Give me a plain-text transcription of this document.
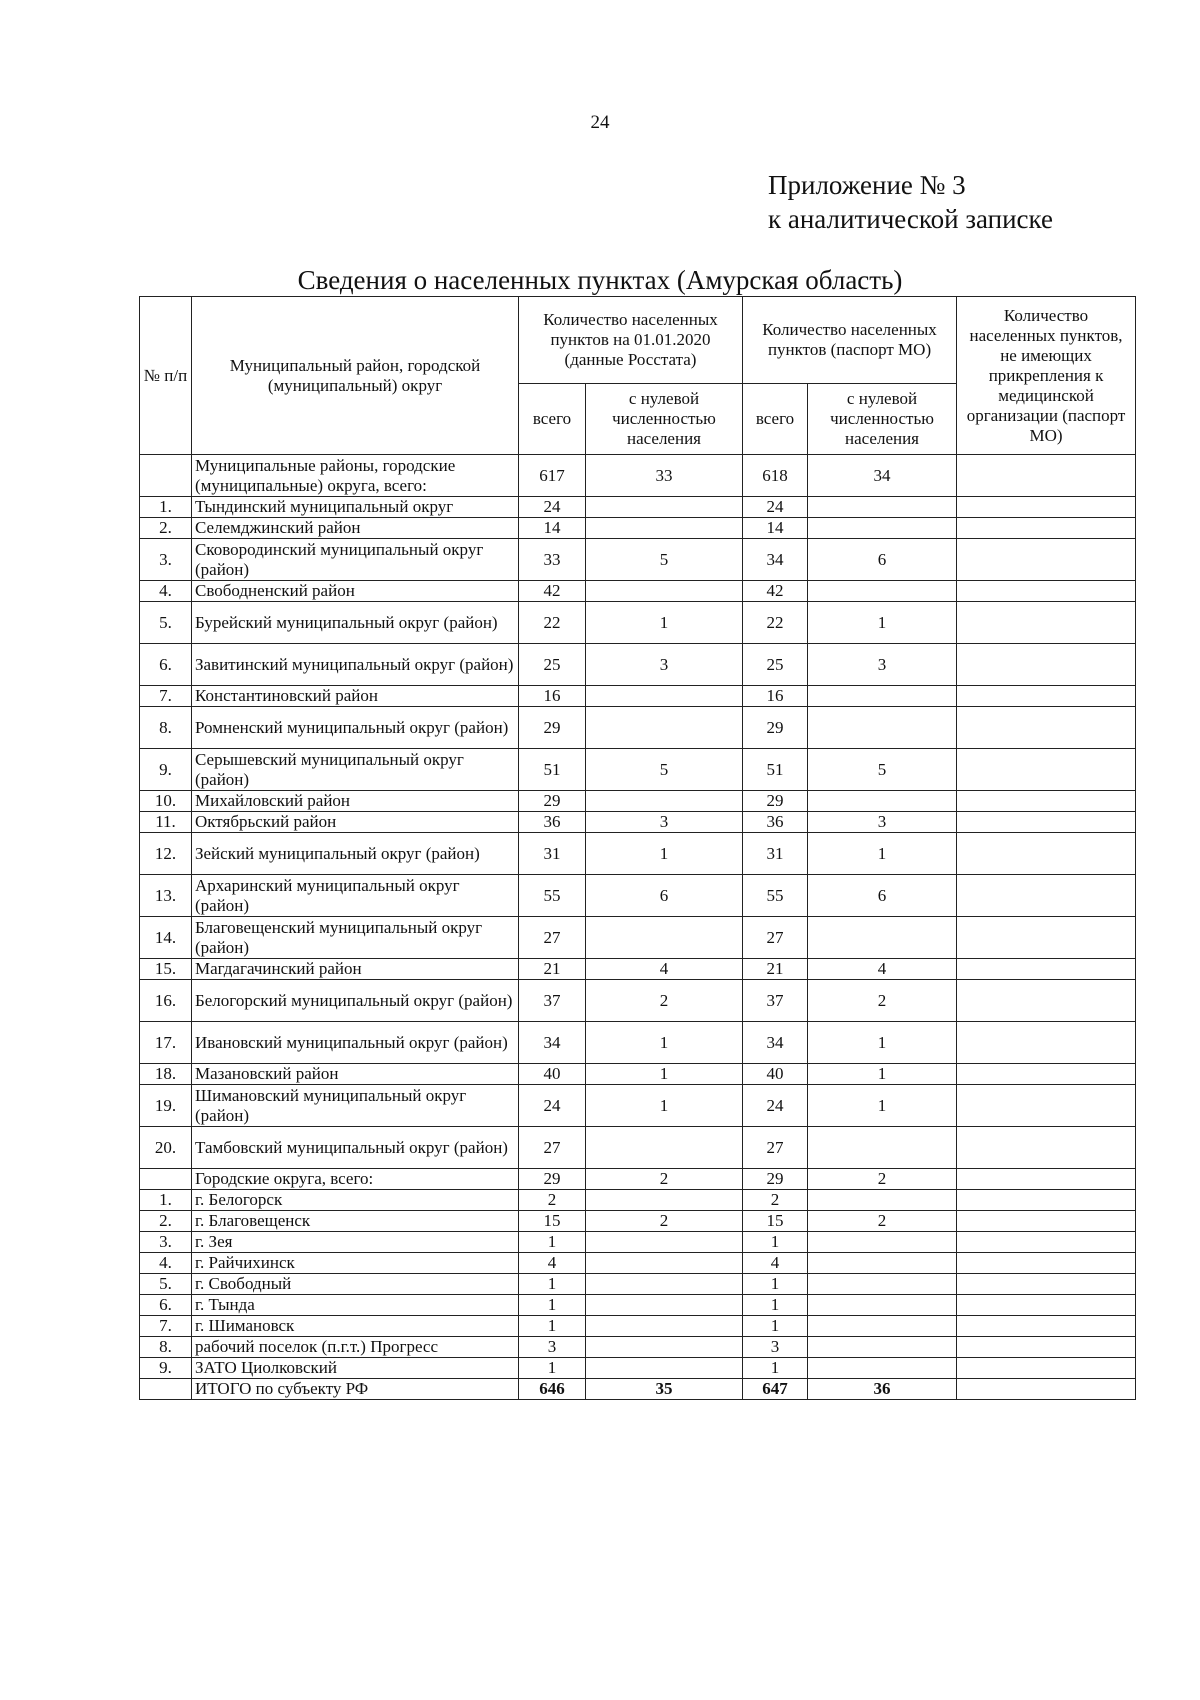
24
Приложение № 3
к аналитической записке
Сведения о населенных пунктах (Амурская область)
№ п/п	Муниципальный район, городской (муниципальный) округ	Количество населенных пунктов на 01.01.2020 (данные Росстата)		Количество населенных пунктов (паспорт МО)		Количество населенных пунктов, не имеющих прикрепления к медицинской организации (паспорт МО)
		всего	с нулевой численностью населения	всего	с нулевой численностью населения	
	Муниципальные районы, городские (муниципальные) округа, всего:	617	33	618	34	
1.	Тындинский муниципальный округ	24		24		
2.	Селемджинский район	14		14		
3.	Сковородинский муниципальный округ (район)	33	5	34	6	
4.	Свободненский район	42		42		
5.	Бурейский муниципальный округ (район)	22	1	22	1	
6.	Завитинский муниципальный округ (район)	25	3	25	3	
7.	Константиновский район	16		16		
8.	Ромненский муниципальный округ (район)	29		29		
9.	Серышевский муниципальный округ (район)	51	5	51	5	
10.	Михайловский район	29		29		
11.	Октябрьский район	36	3	36	3	
12.	Зейский муниципальный округ (район)	31	1	31	1	
13.	Архаринский муниципальный округ (район)	55	6	55	6	
14.	Благовещенский муниципальный округ (район)	27		27		
15.	Магдагачинский район	21	4	21	4	
16.	Белогорский муниципальный округ (район)	37	2	37	2	
17.	Ивановский муниципальный округ (район)	34	1	34	1	
18.	Мазановский район	40	1	40	1	
19.	Шимановский муниципальный округ (район)	24	1	24	1	
20.	Тамбовский муниципальный округ (район)	27		27		
	Городские округа, всего:	29	2	29	2	
1.	г. Белогорск	2		2		
2.	г. Благовещенск	15	2	15	2	
3.	г. Зея	1		1		
4.	г. Райчихинск	4		4		
5.	г. Свободный	1		1		
6.	г. Тында	1		1		
7.	г. Шимановск	1		1		
8.	рабочий поселок (п.г.т.) Прогресс	3		3		
9.	ЗАТО Циолковский	1		1		
	ИТОГО по субъекту РФ	646	35	647	36	
